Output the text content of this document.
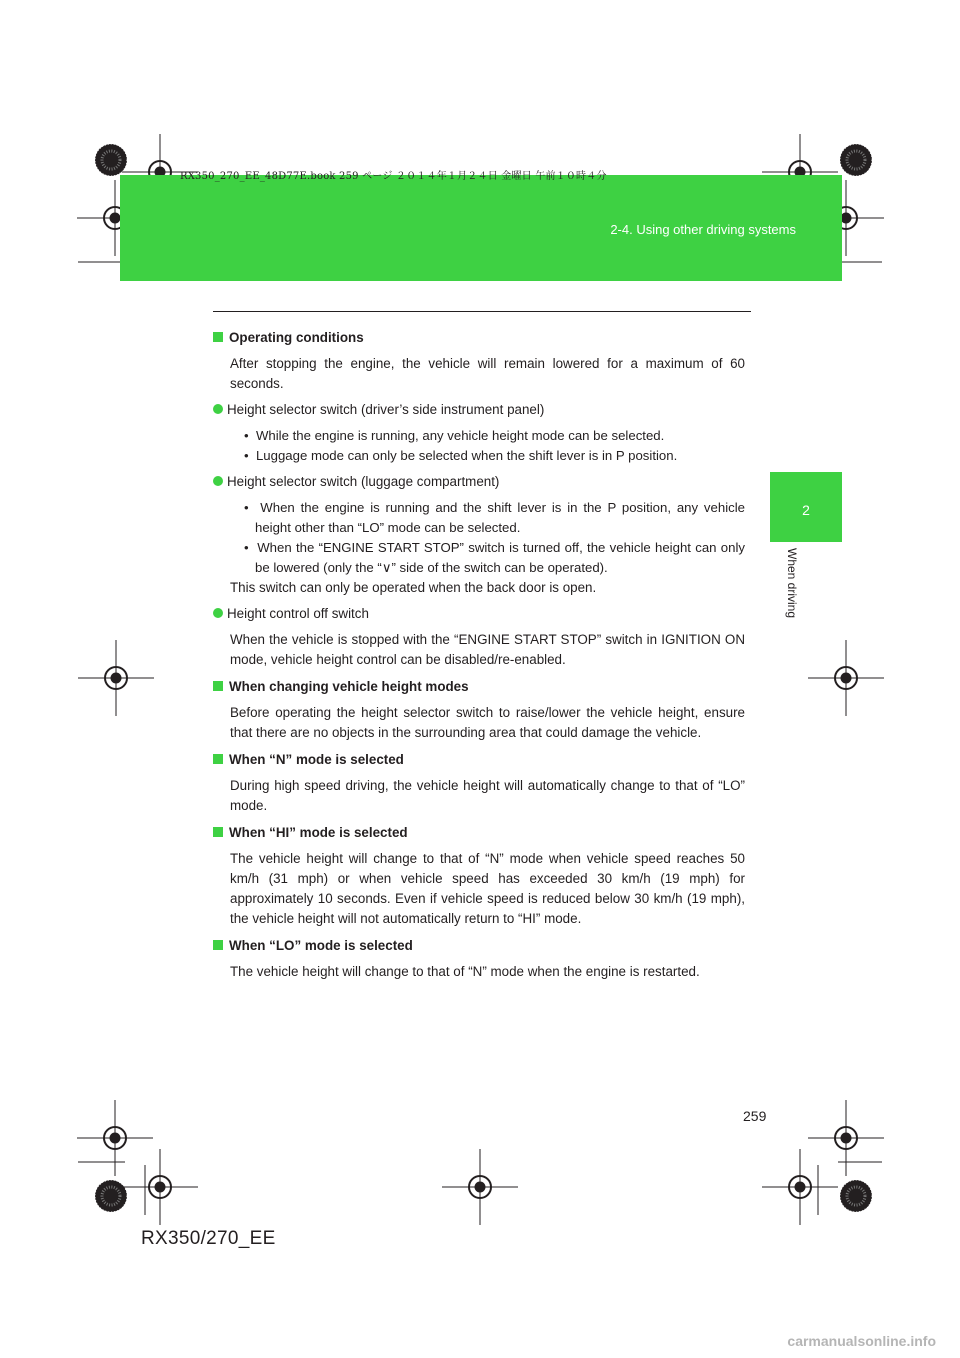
RX350_270_EE_48D77E.book 259 ページ ２０１４年１月２４日 金曜日 午前１０時４分
2-4. Using other driving systems
2
When driving
Operating conditions

After stopping the engine, the vehicle will remain lowered for a maximum of 60 seconds.

Height selector switch (driver’s side instrument panel)

•  While the engine is running, any vehicle height mode can be selected.

•  Luggage mode can only be selected when the shift lever is in P position.

Height selector switch (luggage compartment)

•  When the engine is running and the shift lever is in the P position, any vehicle height other than “LO” mode can be selected.

•  When the “ENGINE START STOP” switch is turned off, the vehicle height can only be lowered (only the “∨” side of the switch can be operated).

This switch can only be operated when the back door is open.

Height control off switch

When the vehicle is stopped with the “ENGINE START STOP” switch in IGNITION ON mode, vehicle height control can be disabled/re-enabled.

When changing vehicle height modes

Before operating the height selector switch to raise/lower the vehicle height, ensure that there are no objects in the surrounding area that could damage the vehicle.

When “N” mode is selected

During high speed driving, the vehicle height will automatically change to that of “LO” mode.

When “HI” mode is selected

The vehicle height will change to that of “N” mode when vehicle speed reaches 50 km/h (31 mph) or when vehicle speed has exceeded 30 km/h (19 mph) for approximately 10 seconds. Even if vehicle speed is reduced below 30 km/h (19 mph), the vehicle height will not automatically return to “HI” mode.

When “LO” mode is selected

The vehicle height will change to that of “N” mode when the engine is restarted.

259
RX350/270_EE
carmanualsonline.info
